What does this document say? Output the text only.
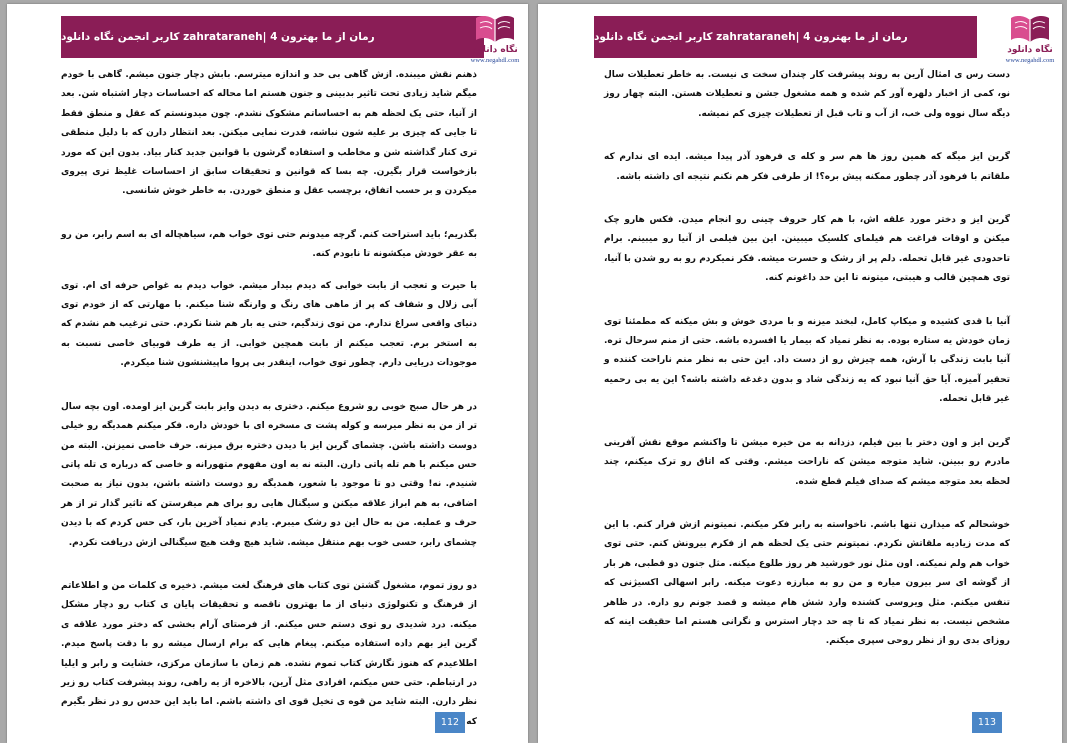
رمان از ما بهترون 4 |zahrataraneh کاربر انجمن نگاه دانلود
نگاه دانلود
www.negahdl.com

ذهنم نقش میبنده. ازش گاهی بی حد و اندازه میترسم. بابش دچار جنون میشم. گاهی با خودم میگم شاید زیادی تحت تاثیر بدبینی و جنون هستم اما محاله که احساسات دچار اشتباه شن. بعد از آنیا، حتی یک لحظه هم به احساساتم مشکوک نشدم. چون میدونستم که عقل و منطق فقط تا جایی که چیزی بر علیه شون نباشه، قدرت نمایی میکنن. بعد انتظار دارن که با دلیل منطقی تری کنار گذاشته شن و مخاطب و استفاده گرشون با قوانین جدید کنار بیاد. بدون این که مورد بازخواست قرار بگیرن. چه بسا که قوانین و تحقیقات سابق از احساسات غلیظ تری پیروی میکردن و بر حسب اتفاق، برچسب عقل و منطق خوردن. به خاطر خوش شانسی.

بگذریم؛ باید استراحت کنم. گرچه میدونم حتی توی خواب هم، سیاهچاله ای به اسم رابر، من رو به عقر خودش میکشونه تا نابودم کنه.

با حیرت و تعجب از بابت خوابی که دیدم بیدار میشم. خواب دیدم به غواص حرفه ای ام. توی آبی زلال و شفاف که پر از ماهی های رنگ و وارنگه شنا میکنم. با مهارتی که از خودم توی دنیای واقعی سراغ ندارم. من توی زندگیم، حتی یه بار هم شنا نکردم. حتی ترغیب هم نشدم که به استخر برم. تعجب میکنم از بابت همچین خوابی. از یه طرف فوبیای خاصی نسبت به موجودات دریایی دارم. چطور توی خواب، اینقدر بی پروا ماپیشنشون شنا میکردم.

در هر حال صبح خوبی رو شروع میکنم. دختری به دیدن وایز بابت گرین ایز اومده. اون بچه سال تر از من به نظر میرسه و کوله پشت ی مسخره ای با خودش داره. فکر میکنم همدیگه رو خیلی دوست داشته باشن. چشمای گرین ایز با دیدن دختره برق میزنه. حرف خاصی نمیزنن. البته من حس میکنم با هم تله پاتی دارن. البته نه به اون مفهوم متهورانه و خاصی که درباره ی تله پاتی شنیدم. نه! وقتی دو تا موجود با شعور، همدیگه رو دوست داشته باشن، بدون نیاز به صحبت اضافی، به هم ابراز علاقه میکنن و سیگنال هایی رو برای هم میفرستن که تاثیر گذار تر از هر حرف و عملیه. من به حال این دو رشک میبرم. یادم نمیاد آخرین بار، کی حس کردم که با دیدن چشمای رابر، حسی خوب بهم منتقل میشه. شاید هیچ وقت هیچ سیگنالی ازش دریافت نکردم.

دو روز تموم، مشغول گشتن توی کتاب های فرهنگ لغت میشم. ذخیره ی کلمات من و اطلاعاتم از فرهنگ و تکنولوژی دنیای از ما بهترون ناقصه و تحقیقات پایان ی کتاب رو دچار مشکل میکنه. درد شدیدی رو توی دستم حس میکنم. از فرصتای آرام بخشی که دختر مورد علاقه ی گرین ایز بهم داده استفاده میکنم. پیغام هایی که برام ارسال میشه رو با دقت پاسخ میدم. اطلاعیدم که هنوز نگارش کتاب تموم نشده. هم زمان با سازمان مرکزی، خشایت و رابر و ایلیا در ارتباطم. حتی حس میکنم، افرادی مثل آرین، بالاخره از یه راهی، روند پیشرفت کتاب رو زیر نظر دارن. البته شاید من قوه ی تخیل قوی ای داشته باشم. اما باید این حدس رو در نظر بگیرم که

112
رمان از ما بهترون 4 |zahrataraneh کاربر انجمن نگاه دانلود
نگاه دانلود
www.negahdl.com

دست رس ی امثال آرین به روند پیشرفت کار چندان سخت ی نیست. به خاطر تعطیلات سال نو، کمی از اخبار دلهره آور کم شده و همه مشغول جشن و تعطیلات هستن. البته چهار روز دیگه سال نووه ولی خب، از آب و تاب قبل از تعطیلات چیزی کم نمیشه.

گرین ایز میگه که همین روز ها هم سر و کله ی فرهود آذر پیدا میشه. ایده ای ندارم که ملقاتم با فرهود آذر چطور ممکنه پیش بره؟! از طرفی فکر هم نکنم نتیجه ای داشته باشه.

گرین ایز و دختر مورد علقه اش، با هم کار حروف چینی رو انجام میدن. فکس هارو چک میکنن و اوقات فراغت هم فیلمای کلسیک میبینن. این بین فیلمی از آنیا رو میبینم. برام تاحدودی غیر قابل تحمله. دلم پر از رشک و حسرت میشه. فکر نمیکردم رو به رو شدن با آنیا، توی همچین قالب و هیبتی، میتونه تا این حد داغونم کنه.

آنیا با قدی کشیده و میکاپ کامل، لبخند میزنه و با مردی خوش و بش میکنه که مطمئنا توی زمان خودش یه ستاره بوده. به نظر نمیاد که بیمار یا افسرده باشه. حتی از منم سرحال تره. آنیا بابت زندگی با آرش، همه چیزش رو از دست داد. این حتی به نظر منم ناراحت کننده و تحقیر آمیزه. آیا حق آنیا نبود که یه زندگی شاد و بدون دغدغه داشته باشه؟ این یه بی رحمیه غیر قابل تحمله.

گرین ایز و اون دختر با بین فیلم، دزدانه به من خیره میشن تا واکنشم موقع نقش آفرینی مادرم رو ببینن. شاید متوجه میشن که ناراحت میشم. وقتی که اتاق رو ترک میکنم، چند لحظه بعد متوجه میشم که صدای فیلم قطع شده.

خوشحالم که میذارن تنها باشم. ناخواسته به رابر فکر میکنم. نمیتونم ازش فرار کنم. با این که مدت زیادیه ملقاتش نکردم. نمیتونم حتی یک لحظه هم از فکرم بیرونش کنم. حتی توی خواب هم ولم نمیکنه. اون مثل نور خورشید هر روز طلوع میکنه. مثل جنون دو قطبی، هر بار از گوشه ای سر بیرون میاره و من رو به مبارزه دعوت میکنه. رابر اسهالی اکسیژنی که تنفس میکنم. مثل ویروسی کشنده وارد شش هام میشه و قصد جونم رو داره. در ظاهر مشخص نیست. به نظر نمیاد که تا چه حد دچار استرس و نگرانی هستم اما حقیقت اینه که روزای بدی رو از نظر روحی سپری میکنم.

113
